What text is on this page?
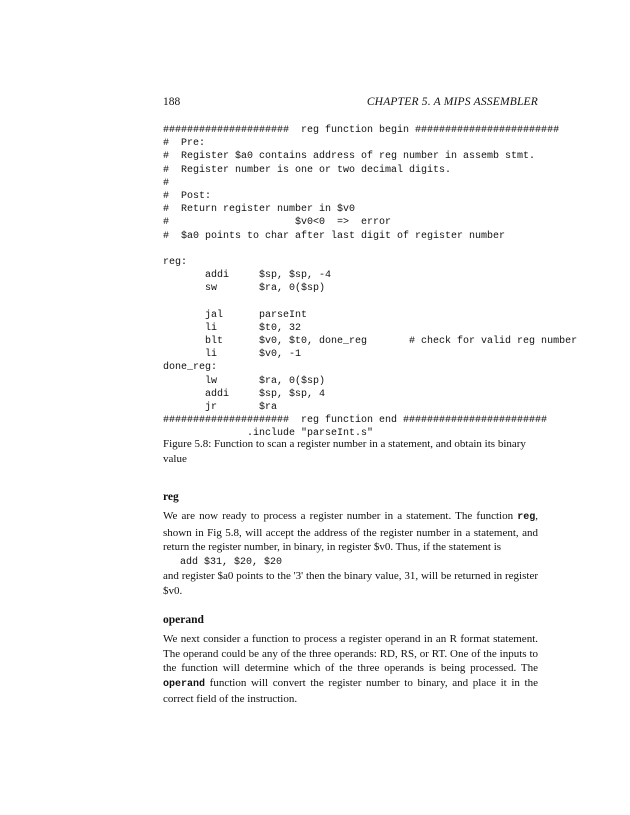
188	CHAPTER 5. A MIPS ASSEMBLER
#####################  reg function begin ########################
#  Pre:
#  Register $a0 contains address of reg number in assemb stmt.
#  Register number is one or two decimal digits.
#
#  Post:
#  Return register number in $v0
#                     $v0<0  =>  error
#  $a0 points to char after last digit of register number
reg:
addi     $sp, $sp, -4
sw       $ra, 0($sp)
jal      parseInt
li       $t0, 32
blt      $v0, $t0, done_reg       # check for valid reg number
li       $v0, -1
done_reg:
lw       $ra, 0($sp)
addi     $sp, $sp, 4
jr       $ra
#####################  reg function end ########################
.include "parseInt.s"
Figure 5.8: Function to scan a register number in a statement, and obtain its binary value
reg
We are now ready to process a register number in a statement. The function reg, shown in Fig 5.8, will accept the address of the register number in a statement, and return the register number, in binary, in register $v0. Thus, if the statement is
add $31, $20, $20
and register $a0 points to the '3' then the binary value, 31, will be returned in register $v0.
operand
We next consider a function to process a register operand in an R format statement. The operand could be any of the three operands: RD, RS, or RT. One of the inputs to the function will determine which of the three operands is being processed. The operand function will convert the register number to binary, and place it in the correct field of the instruction.
